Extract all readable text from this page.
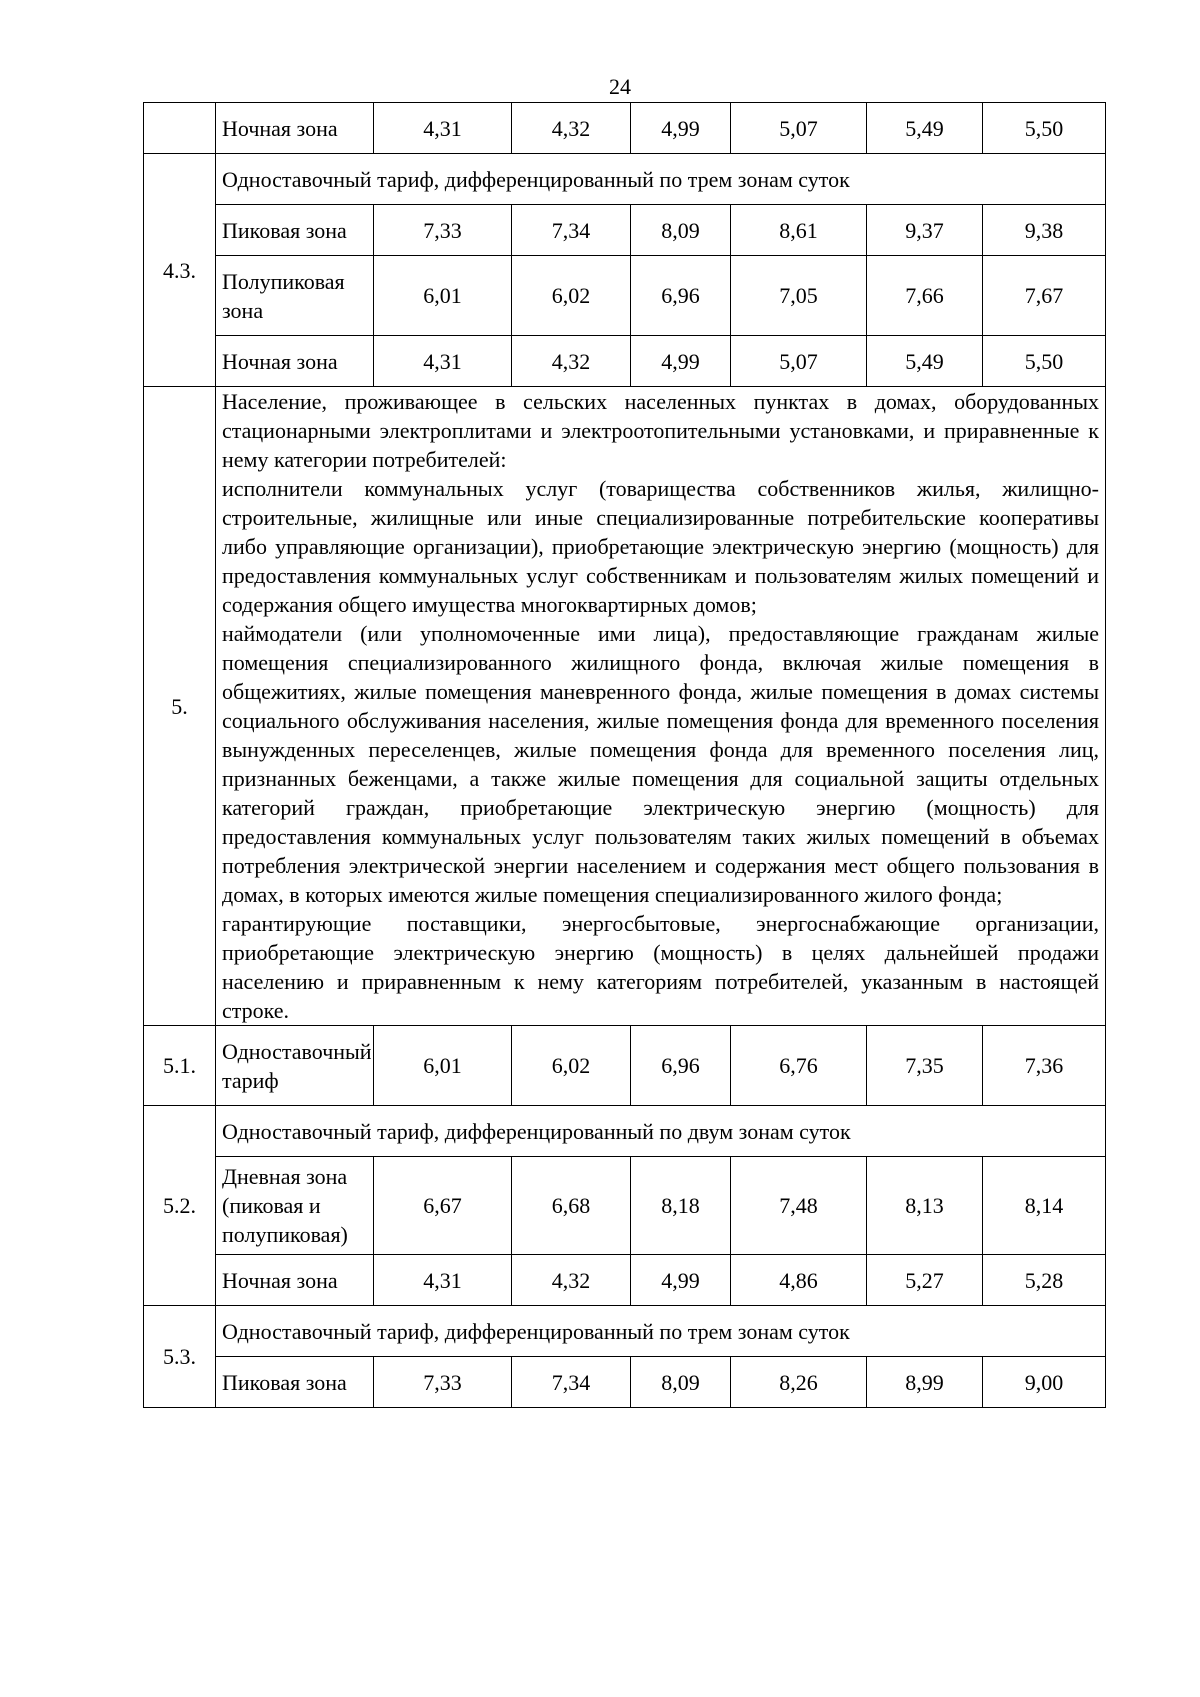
24
	Ночная зона	4,31	4,32	4,99	5,07	5,49	5,50
4.3.	Одноставочный тариф, дифференцированный по трем зонам суток						
	Пиковая зона	7,33	7,34	8,09	8,61	9,37	9,38
	Полупиковая зона	6,01	6,02	6,96	7,05	7,66	7,67
	Ночная зона	4,31	4,32	4,99	5,07	5,49	5,50
5.	Население, проживающее в сельских населенных пунктах в домах, оборудованных стационарными электроплитами и электроотопительными установками, и приравненные к нему категории потребителей:

исполнители коммунальных услуг (товарищества собственников жилья, жилищно-строительные, жилищные или иные специализированные потребительские кооперативы либо управляющие организации), приобретающие электрическую энергию (мощность) для предоставления коммунальных услуг собственникам и пользователям жилых помещений и содержания общего имущества многоквартирных домов;

наймодатели (или уполномоченные ими лица), предоставляющие гражданам жилые помещения специализированного жилищного фонда, включая жилые помещения в общежитиях, жилые помещения маневренного фонда, жилые помещения в домах системы социального обслуживания населения, жилые помещения фонда для временного поселения вынужденных переселенцев, жилые помещения фонда для временного поселения лиц, признанных беженцами, а также жилые помещения для социальной защиты отдельных категорий граждан, приобретающие электрическую энергию (мощность) для предоставления коммунальных услуг пользователям таких жилых помещений в объемах потребления электрической энергии населением и содержания мест общего пользования в домах, в которых имеются жилые помещения специализированного жилого фонда;

гарантирующие поставщики, энергосбытовые, энергоснабжающие организации, приобретающие электрическую энергию (мощность) в целях дальнейшей продажи населению и приравненным к нему категориям потребителей, указанным в настоящей строке.						

5.1.	Одноставочный тариф	6,01	6,02	6,96	6,76	7,35	7,36
5.2.	Одноставочный тариф, дифференцированный по двум зонам суток						
	Дневная зона (пиковая и полупиковая)	6,67	6,68	8,18	7,48	8,13	8,14
	Ночная зона	4,31	4,32	4,99	4,86	5,27	5,28
5.3.	Одноставочный тариф, дифференцированный по трем зонам суток						
	Пиковая зона	7,33	7,34	8,09	8,26	8,99	9,00
